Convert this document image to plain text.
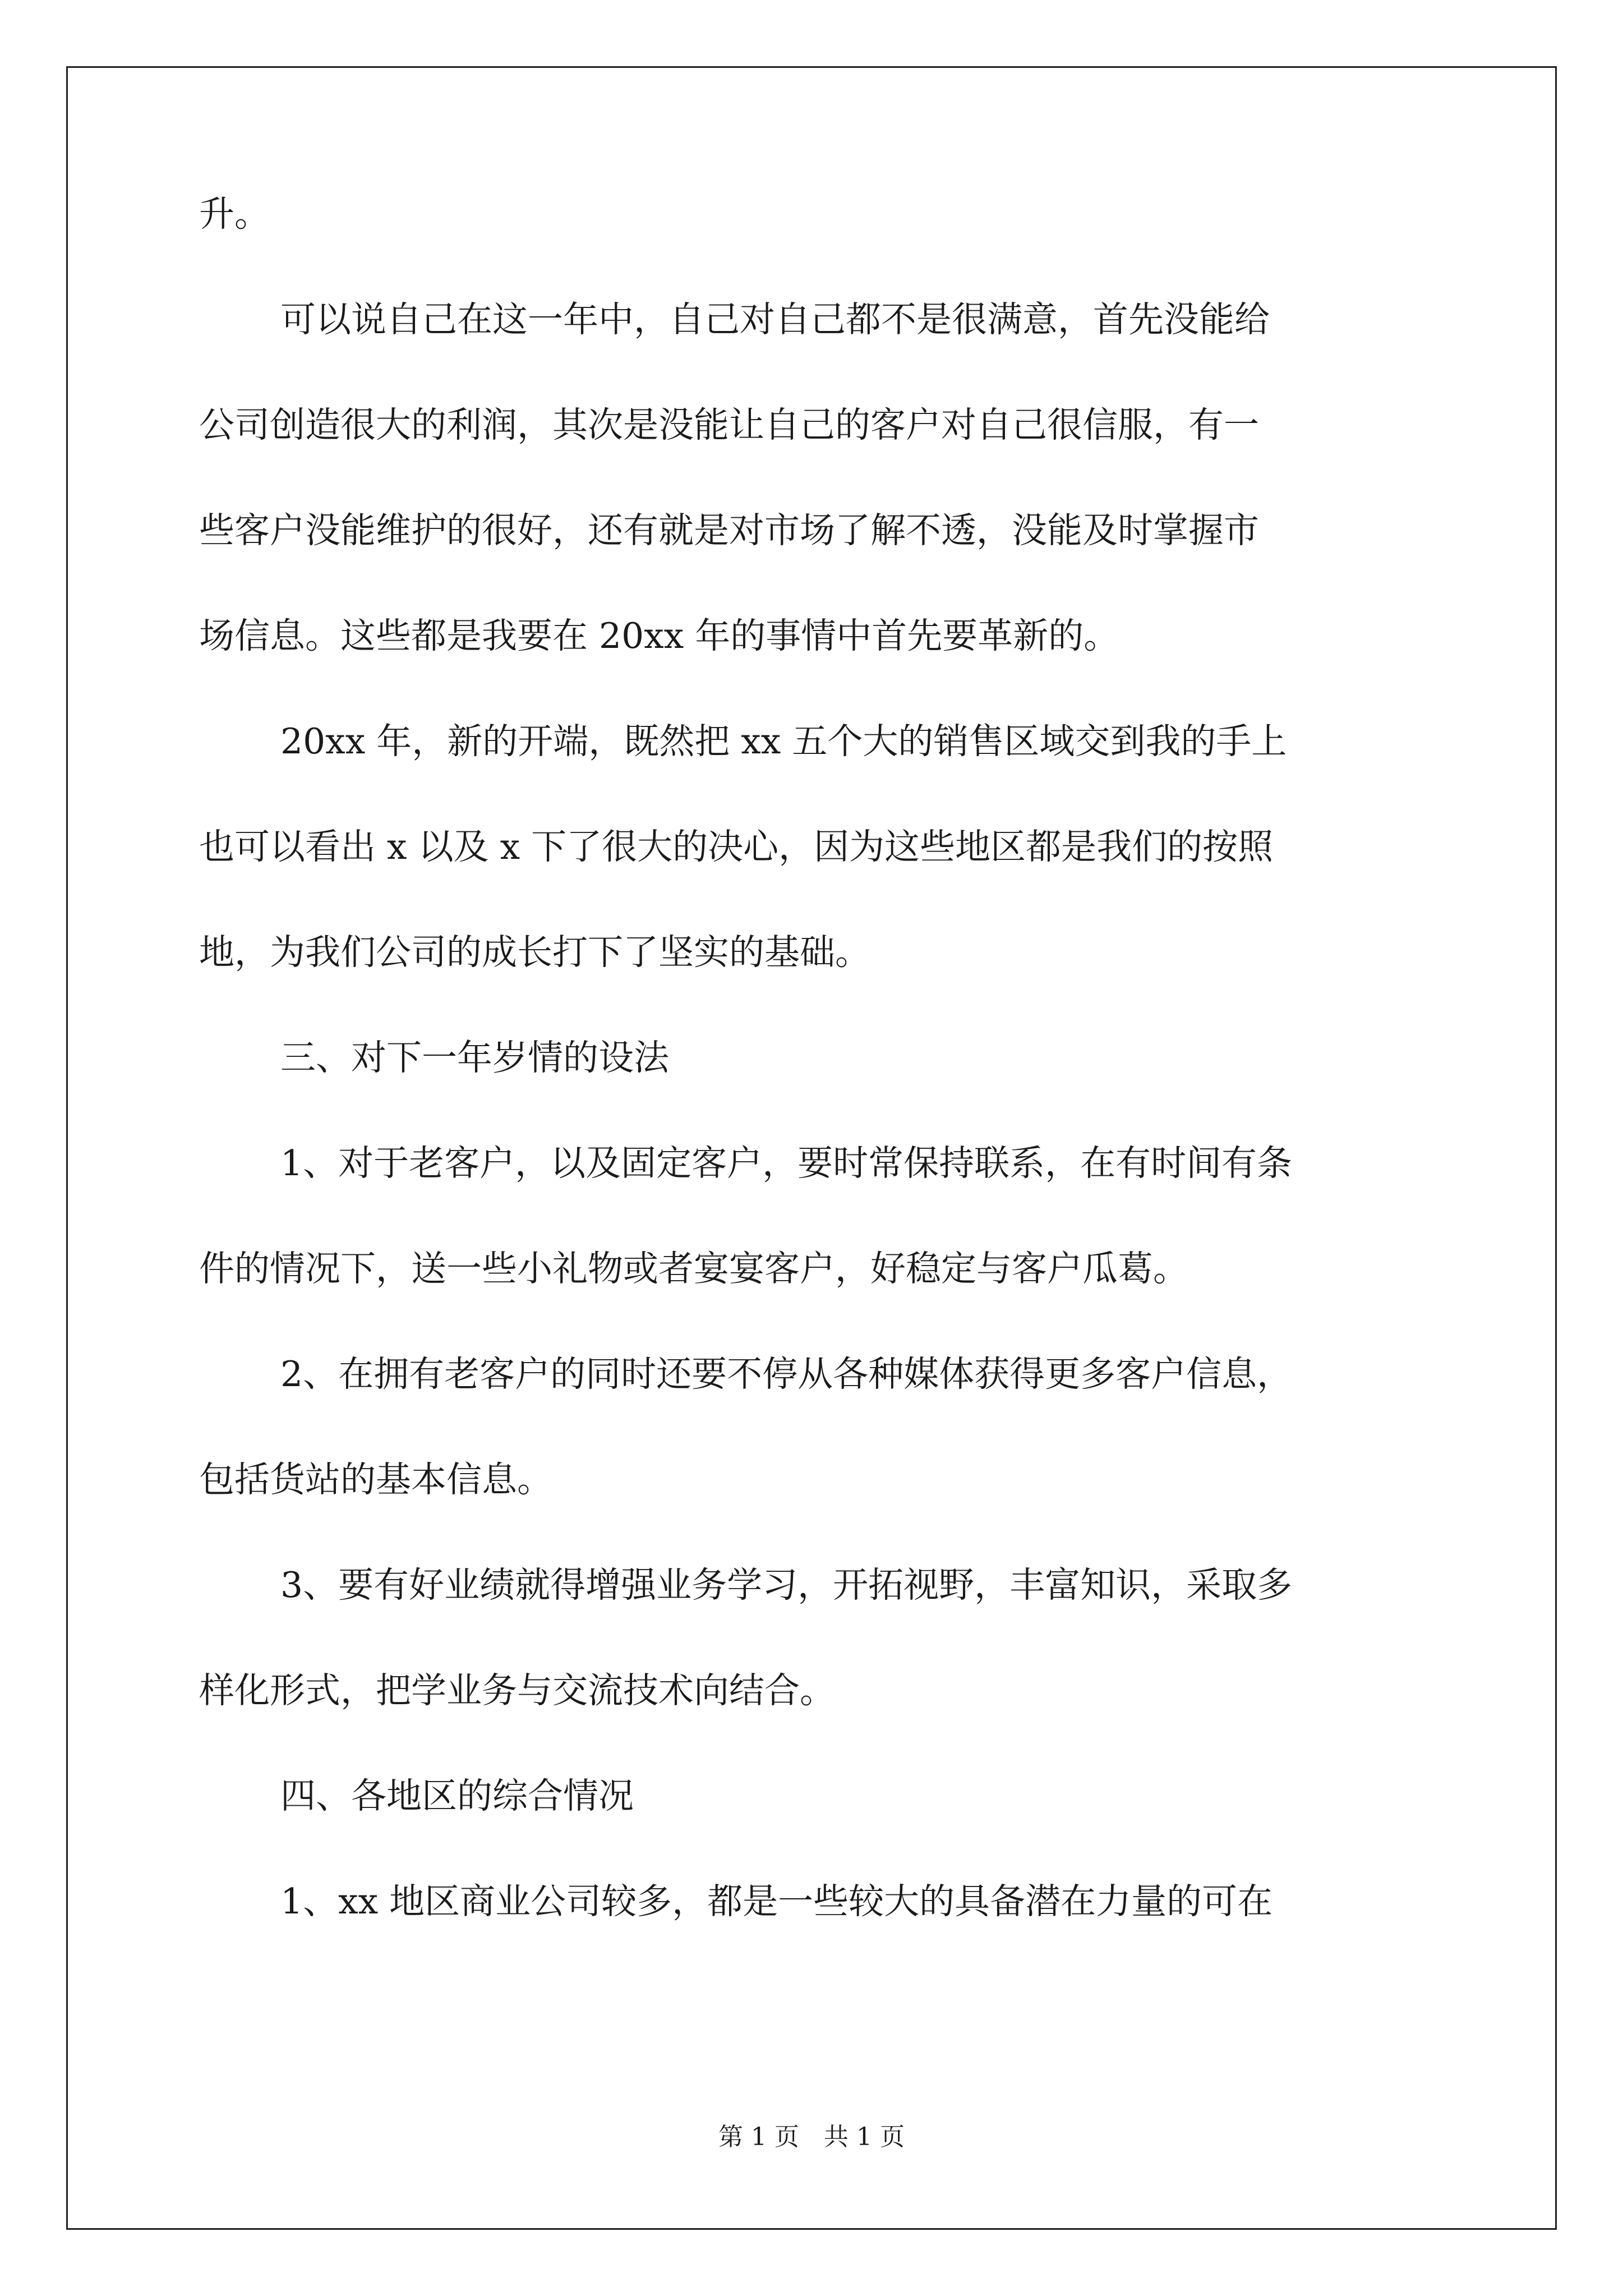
升。
可以说自己在这一年中，自己对自己都不是很满意，首先没能给
公司创造很大的利润，其次是没能让自己的客户对自己很信服，有一
些客户没能维护的很好，还有就是对市场了解不透，没能及时掌握市
场信息。这些都是我要在 20xx 年的事情中首先要革新的。
20xx 年，新的开端，既然把 xx 五个大的销售区域交到我的手上
也可以看出 x 以及 x 下了很大的决心，因为这些地区都是我们的按照
地，为我们公司的成长打下了坚实的基础。
三、对下一年岁情的设法
1、对于老客户，以及固定客户，要时常保持联系，在有时间有条
件的情况下，送一些小礼物或者宴宴客户，好稳定与客户瓜葛。
2、在拥有老客户的同时还要不停从各种媒体获得更多客户信息，
包括货站的基本信息。
3、要有好业绩就得增强业务学习，开拓视野，丰富知识，采取多
样化形式，把学业务与交流技术向结合。
四、各地区的综合情况
1、xx 地区商业公司较多，都是一些较大的具备潜在力量的可在
第 1 页　共 1 页
